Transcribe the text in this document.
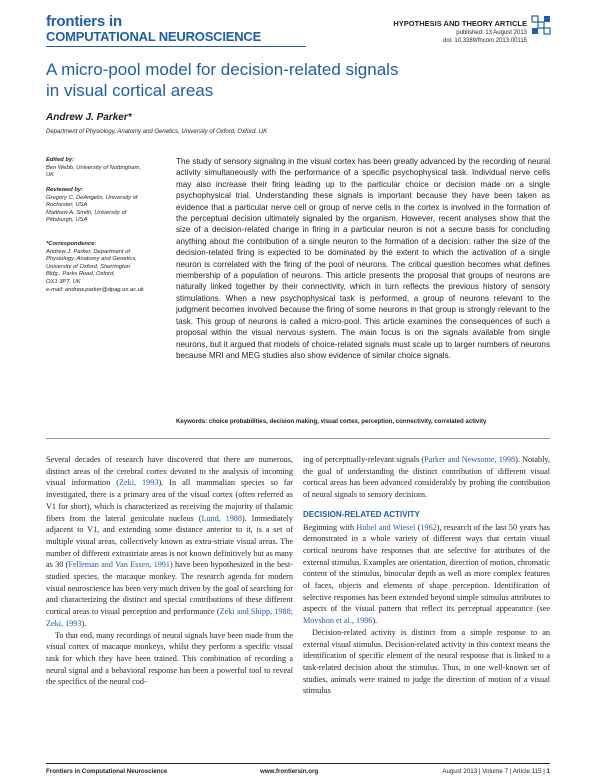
frontiers in
COMPUTATIONAL NEUROSCIENCE
HYPOTHESIS AND THEORY ARTICLE
published: 13 August 2013
doi: 10.3389/fncom.2013.00115
A micro-pool model for decision-related signals
in visual cortical areas
Andrew J. Parker*
Department of Physiology, Anatomy and Genetics, University of Oxford, Oxford, UK
Edited by:
Ben Webb, University of Nottingham,
UK
Reviewed by:
Gregory C. DeAngelis, University of
Rochester, USA
Matthew A. Smith, University of
Pittsburgh, USA
*Correspondence:
Andrew J. Parker, Department of
Physiology, Anatomy and Genetics,
University of Oxford, Sherrington
Bldg., Parks Road, Oxford,
OX1 3PT, UK
e-mail: andrew.parker@dpag.ox.ac.uk
The study of sensory signaling in the visual cortex has been greatly advanced by the recording of neural activity simultaneously with the performance of a specific psychophysical task. Individual nerve cells may also increase their firing leading up to the particular choice or decision made on a single psychophysical trial. Understanding these signals is important because they have been taken as evidence that a particular nerve cell or group of nerve cells in the cortex is involved in the formation of the perceptual decision ultimately signaled by the organism. However, recent analyses show that the size of a decision-related change in firing in a particular neuron is not a secure basis for concluding anything about the contribution of a single neuron to the formation of a decision: rather the size of the decision-related firing is expected to be dominated by the extent to which the activation of a single neuron is correlated with the firing of the pool of neurons. The critical question becomes what defines membership of a population of neurons. This article presents the proposal that groups of neurons are naturally linked together by their connectivity, which in turn reflects the previous history of sensory stimulations. When a new psychophysical task is performed, a group of neurons relevant to the judgment becomes involved because the firing of some neurons in that group is strongly relevant to the task. This group of neurons is called a micro-pool. This article examines the consequences of such a proposal within the visual nervous system. The main focus is on the signals available from single neurons, but it argued that models of choice-related signals must scale up to larger numbers of neurons because MRI and MEG studies also show evidence of similar choice signals.
Keywords: choice probabilities, decision making, visual cortex, perception, connectivity, correlated activity

Several decades of research have discovered that there are numerous, distinct areas of the cerebral cortex devoted to the analysis of incoming visual information (Zeki, 1993). In all mammalian species so far investigated, there is a primary area of the visual cortex (often referred as V1 for short), which is characterized as receiving the majority of thalamic fibers from the lateral geniculate nucleus (Lund, 1988). Immediately adjacent to V1, and extending some distance anterior to it, is a set of multiple visual areas, collectively known as extra-striate visual areas. The number of different extrastriate areas is not known definitively but as many as 30 (Felleman and Van Essen, 1991) have been hypothesized in the best-studied species, the macaque monkey. The research agenda for modern visual neuroscience has been very much driven by the goal of searching for and characterizing the distinct and special contributions of these different cortical areas to visual perception and performance (Zeki and Shipp, 1988; Zeki, 1993).

To that end, many recordings of neural signals have been made from the visual cortex of macaque monkeys, whilst they perform a specific visual task for which they have been trained. This combination of recording a neural signal and a behavioral response has been a powerful tool to reveal the specifics of the neural cod-

ing of perceptually-relevant signals (Parker and Newsome, 1998). Notably, the goal of understanding the distinct contribution of different visual cortical areas has been advanced considerably by probing the contribution of neural signals to sensory decisions.

DECISION-RELATED ACTIVITY

Beginning with Hubel and Wiesel (1962), research of the last 50 years has demonstrated in a whole variety of different ways that certain visual cortical neurons have responses that are selective for attributes of the external stimulus. Examples are orientation, direction of motion, chromatic content of the stimulus, binocular depth as well as more complex features of faces, objects and elements of shape perception. Identification of selective responses has been extended beyond simple stimulus attributes to aspects of the visual pattern that reflect its perceptual appearance (see Movshon et al., 1986).

Decision-related activity is distinct from a simple response to an external visual stimulus. Decision-related activity in this context means the identification of specific element of the neural response that is linked to a task-related decision about the stimulus. Thus, in one well-known set of studies, animals were trained to judge the direction of motion of a visual stimulus

Frontiers in Computational Neuroscience	www.frontiersin.org	August 2013 | Volume 7 | Article 115 | 1
